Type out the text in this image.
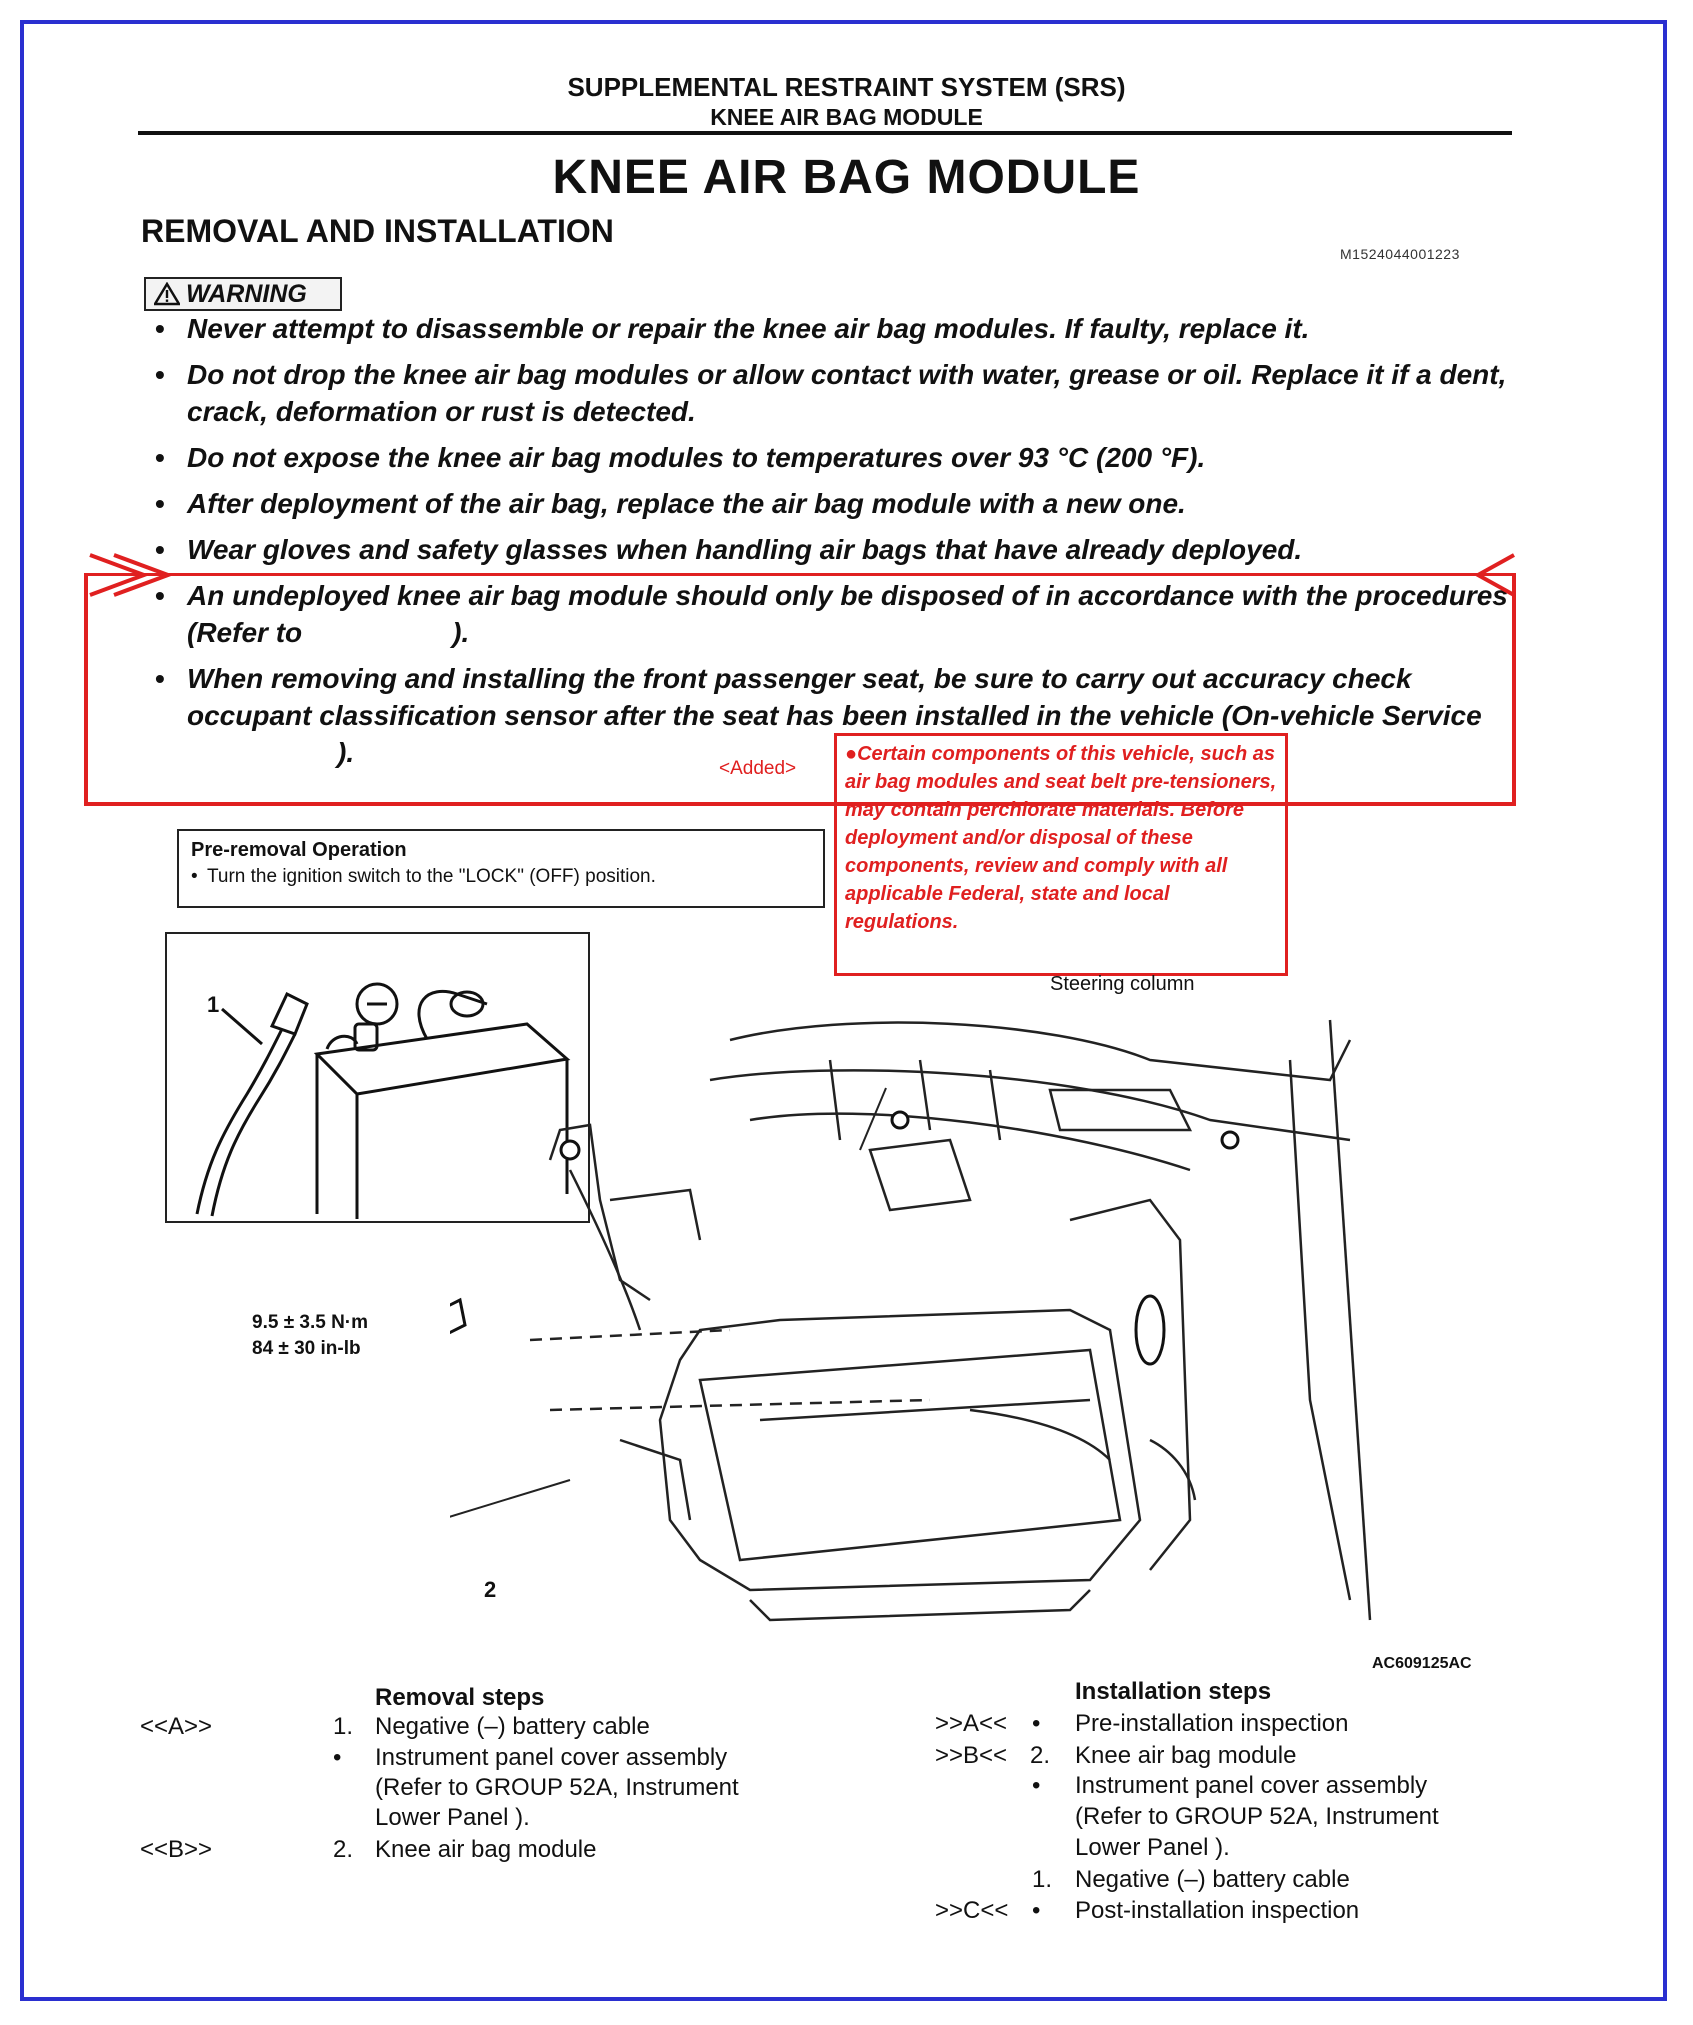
SUPPLEMENTAL RESTRAINT SYSTEM (SRS)
KNEE AIR BAG MODULE
KNEE AIR BAG MODULE
REMOVAL AND INSTALLATION
M1524044001223
WARNING
• Never attempt to disassemble or repair the knee air bag modules. If faulty, replace it.
• Do not drop the knee air bag modules or allow contact with water, grease or oil. Replace it if a dent, crack, deformation or rust is detected.
• Do not expose the knee air bag modules to temperatures over 93 °C (200 °F).
• After deployment of the air bag, replace the air bag module with a new one.
• Wear gloves and safety glasses when handling air bags that have already deployed.
• An undeployed knee air bag module should only be disposed of in accordance with the procedures (Refer to	).
• When removing and installing the front passenger seat, be sure to carry out accuracy check occupant classification sensor after the seat has been installed in the vehicle (On-vehicle Service).
<Added>
●Certain components of this vehicle, such as air bag modules and seat belt pre-tensioners, may contain perchlorate materials. Before deployment and/or disposal of these components, review and comply with all applicable Federal, state and local regulations.
Pre-removal Operation
• Turn the ignition switch to the "LOCK" (OFF) position.
1
Steering column
2
9.5 ± 3.5 N·m
84 ± 30 in-lb
AC609125AC
Removal steps
<<A>>	1. Negative (–) battery cable
• Instrument panel cover assembly
(Refer to GROUP 52A, Instrument
Lower Panel ).
<<B>>	2. Knee air bag module
Installation steps
>>A<< • Pre-installation inspection
>>B<< 2. Knee air bag module
• Instrument panel cover assembly
(Refer to GROUP 52A, Instrument
Lower Panel ).
1. Negative (–) battery cable
>>C<< • Post-installation inspection
